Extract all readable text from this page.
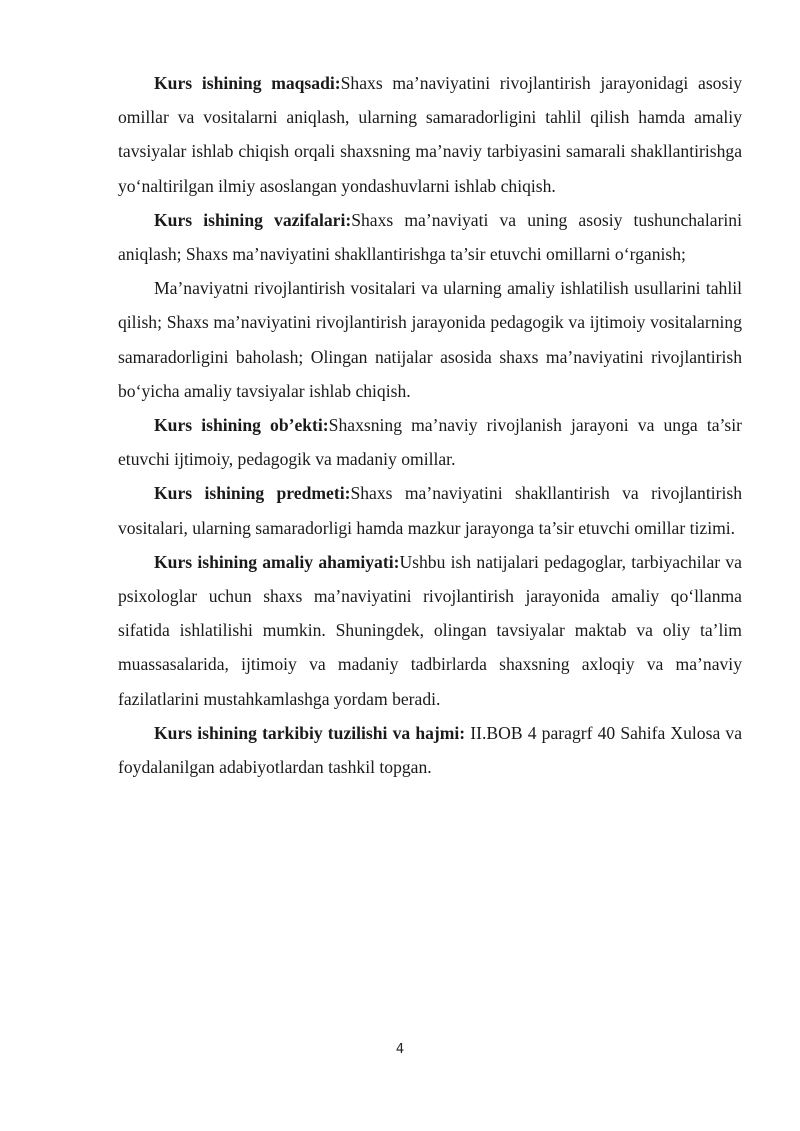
Kurs ishining maqsadi:Shaxs ma’naviyatini rivojlantirish jarayonidagi asosiy omillar va vositalarni aniqlash, ularning samaradorligini tahlil qilish hamda amaliy tavsiyalar ishlab chiqish orqali shaxsning ma’naviy tarbiyasini samarali shakllantirishga yo‘naltirilgan ilmiy asoslangan yondashuvlarni ishlab chiqish.

Kurs ishining vazifalari:Shaxs ma’naviyati va uning asosiy tushunchalarini aniqlash; Shaxs ma’naviyatini shakllantirishga ta’sir etuvchi omillarni o‘rganish;

Ma’naviyatni rivojlantirish vositalari va ularning amaliy ishlatilish usullarini tahlil qilish; Shaxs ma’naviyatini rivojlantirish jarayonida pedagogik va ijtimoiy vositalarning samaradorligini baholash; Olingan natijalar asosida shaxs ma’naviyatini rivojlantirish bo‘yicha amaliy tavsiyalar ishlab chiqish.

Kurs ishining ob’ekti:Shaxsning ma’naviy rivojlanish jarayoni va unga ta’sir etuvchi ijtimoiy, pedagogik va madaniy omillar.

Kurs ishining predmeti:Shaxs ma’naviyatini shakllantirish va rivojlantirish vositalari, ularning samaradorligi hamda mazkur jarayonga ta’sir etuvchi omillar tizimi.

Kurs ishining amaliy ahamiyati:Ushbu ish natijalari pedagoglar, tarbiyachilar va psixologlar uchun shaxs ma’naviyatini rivojlantirish jarayonida amaliy qo‘llanma sifatida ishlatilishi mumkin. Shuningdek, olingan tavsiyalar maktab va oliy ta’lim muassasalarida, ijtimoiy va madaniy tadbirlarda shaxsning axloqiy va ma’naviy fazilatlarini mustahkamlashga yordam beradi.

Kurs ishining tarkibiy tuzilishi va hajmi: II.BOB 4 paragrf 40 Sahifa Xulosa va foydalanilgan adabiyotlardan tashkil topgan.

4
